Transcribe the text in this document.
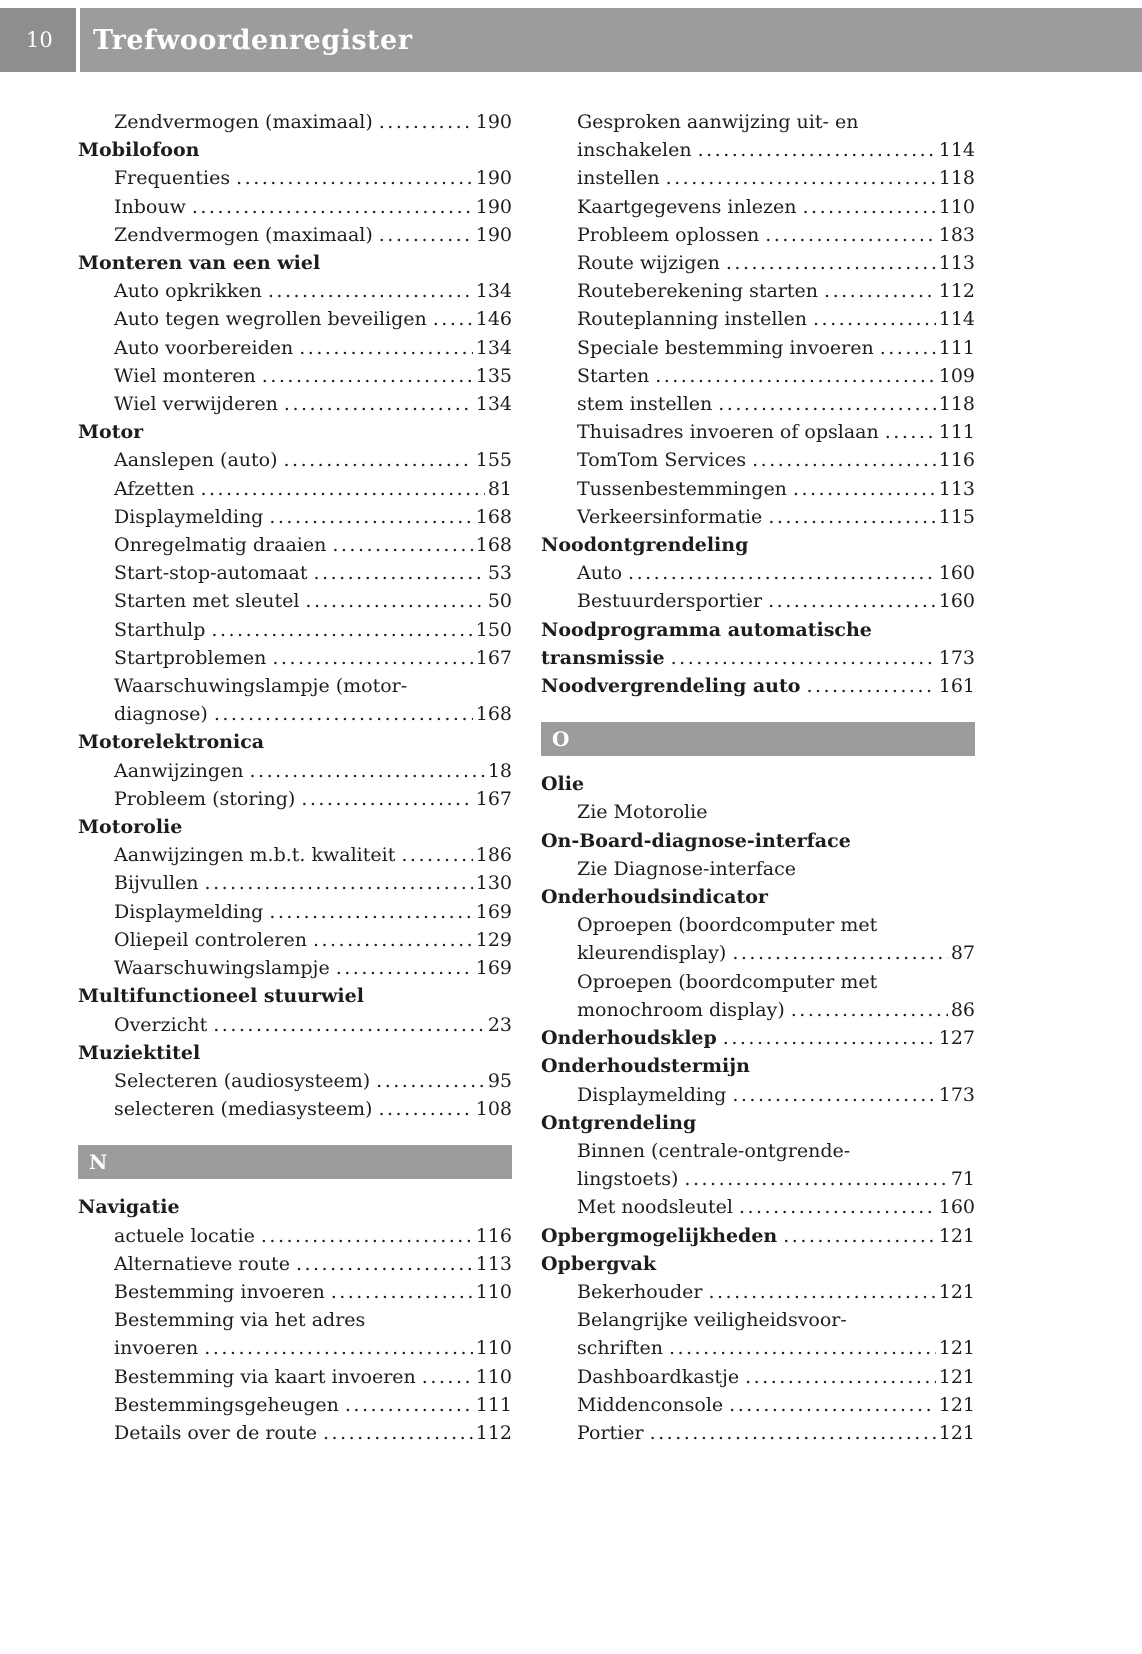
10	Trefwoordenregister
Zendvermogen (maximaal) .....	190
Mobilofoon
Frequenties .....	190
Inbouw .....	190
Zendvermogen (maximaal) .....	190
Monteren van een wiel
Auto opkrikken .....	134
Auto tegen wegrollen beveiligen .....	146
Auto voorbereiden .....	134
Wiel monteren .....	135
Wiel verwijderen .....	134
Motor
Aanslepen (auto) .....	155
Afzetten .....	81
Displaymelding .....	168
Onregelmatig draaien .....	168
Start-stop-automaat .....	53
Starten met sleutel .....	50
Starthulp .....	150
Startproblemen .....	167
Waarschuwingslampje (motor-
diagnose) .....	168
Motorelektronica
Aanwijzingen .....	18
Probleem (storing) .....	167
Motorolie
Aanwijzingen m.b.t. kwaliteit .....	186
Bijvullen .....	130
Displaymelding .....	169
Oliepeil controleren .....	129
Waarschuwingslampje .....	169
Multifunctioneel stuurwiel
Overzicht .....	23
Muziektitel
Selecteren (audiosysteem) .....	95
selecteren (mediasysteem) .....	108
N
Navigatie
actuele locatie .....	116
Alternatieve route .....	113
Bestemming invoeren .....	110
Bestemming via het adres
invoeren .....	110
Bestemming via kaart invoeren .....	110
Bestemmingsgeheugen .....	111
Details over de route .....	112
Gesproken aanwijzing uit- en
inschakelen .....	114
instellen .....	118
Kaartgegevens inlezen .....	110
Probleem oplossen .....	183
Route wijzigen .....	113
Routeberekening starten .....	112
Routeplanning instellen .....	114
Speciale bestemming invoeren .....	111
Starten .....	109
stem instellen .....	118
Thuisadres invoeren of opslaan .....	111
TomTom Services .....	116
Tussenbestemmingen .....	113
Verkeersinformatie .....	115
Noodontgrendeling
Auto .....	160
Bestuurdersportier .....	160
Noodprogramma automatische
transmissie .....	173
Noodvergrendeling auto .....	161
O
Olie
Zie Motorolie
On-Board-diagnose-interface
Zie Diagnose-interface
Onderhoudsindicator
Oproepen (boordcomputer met
kleurendisplay) .....	87
Oproepen (boordcomputer met
monochroom display) .....	86
Onderhoudsklep .....	127
Onderhoudstermijn
Displaymelding .....	173
Ontgrendeling
Binnen (centrale-ontgrende-
lingstoets) .....	71
Met noodsleutel .....	160
Opbergmogelijkheden .....	121
Opbergvak
Bekerhouder .....	121
Belangrijke veiligheidsvoor-
schriften .....	121
Dashboardkastje .....	121
Middenconsole .....	121
Portier .....	121
